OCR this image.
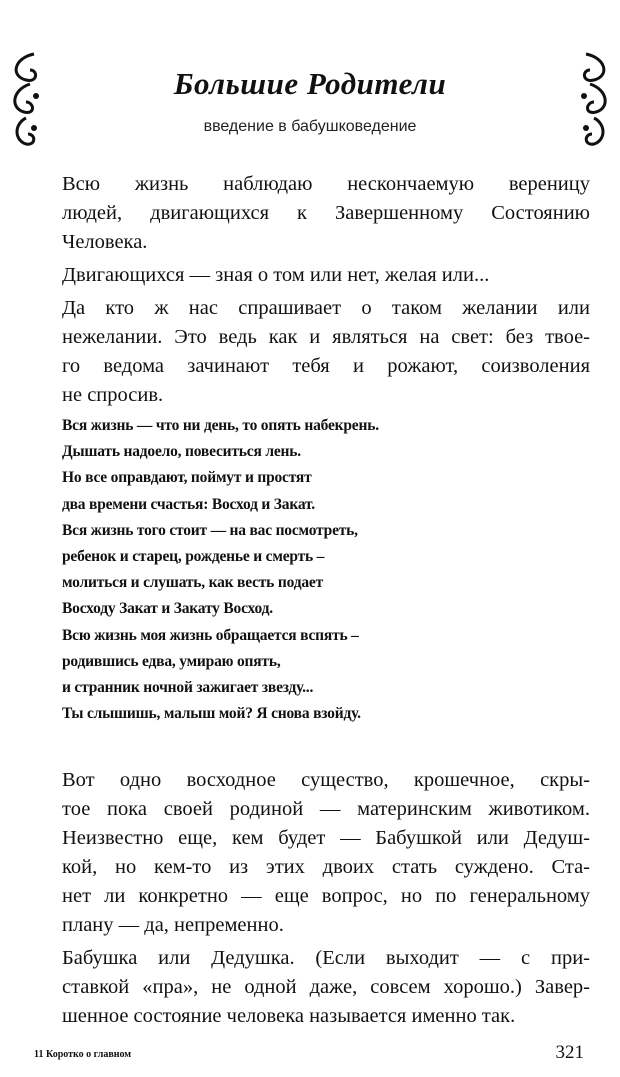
Большие Родители
введение в бабушковедение
Всю жизнь наблюдаю нескончаемую вереницу
людей, двигающихся к Завершенному Состоянию
Человека.
Двигающихся — зная о том или нет, желая или...
Да кто ж нас спрашивает о таком желании или
нежелании. Это ведь как и являться на свет: без твое-
го ведома зачинают тебя и рожают, соизволения
не спросив.
Вся жизнь — что ни день, то опять набекрень.
Дышать надоело, повеситься лень.
Но все оправдают, поймут и простят
два времени счастья: Восход и Закат.
Вся жизнь того стоит — на вас посмотреть,
ребенок и старец, рожденье и смерть –
молиться и слушать, как весть подает
Восходу Закат и Закату Восход.
Всю жизнь моя жизнь обращается вспять –
родившись едва, умираю опять,
и странник ночной зажигает звезду...
Ты слышишь, малыш мой? Я снова взойду.
Вот одно восходное существо, крошечное, скры-
тое пока своей родиной — материнским животиком.
Неизвестно еще, кем будет — Бабушкой или Дедуш-
кой, но кем-то из этих двоих стать суждено. Ста-
нет ли конкретно — еще вопрос, но по генеральному
плану — да, непременно.
Бабушка или Дедушка. (Если выходит — с при-
ставкой «пра», не одной даже, совсем хорошо.) Завер-
шенное состояние человека называется именно так.
11 Коротко о главном	321
